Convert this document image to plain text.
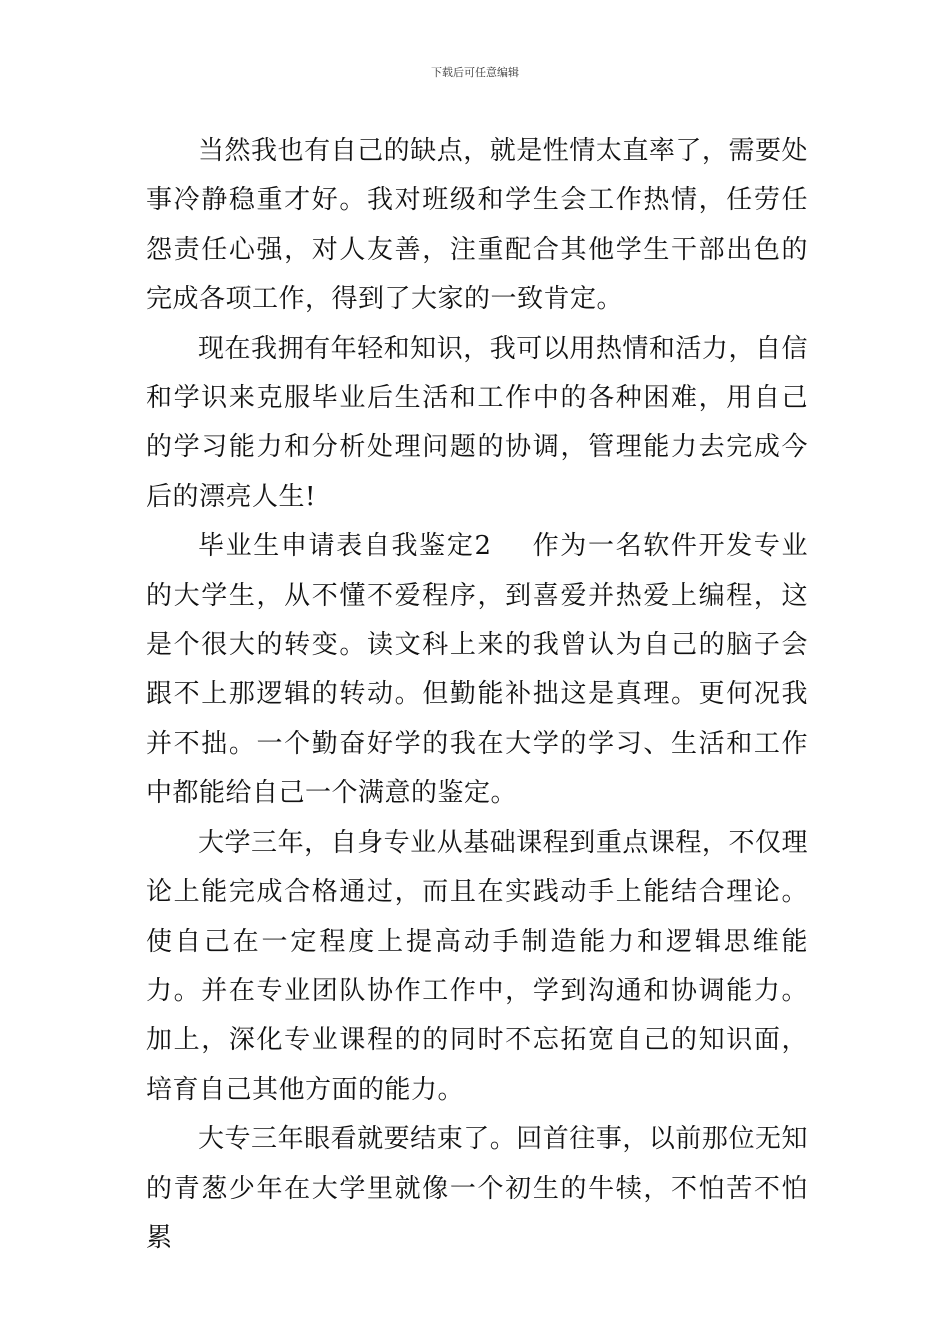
下载后可任意编辑

当然我也有自己的缺点，就是性情太直率了，需要处事冷静稳重才好。我对班级和学生会工作热情，任劳任怨责任心强，对人友善，注重配合其他学生干部出色的完成各项工作，得到了大家的一致肯定。

现在我拥有年轻和知识，我可以用热情和活力，自信和学识来克服毕业后生活和工作中的各种困难，用自己的学习能力和分析处理问题的协调，管理能力去完成今后的漂亮人生!

毕业生申请表自我鉴定2 作为一名软件开发专业的大学生，从不懂不爱程序，到喜爱并热爱上编程，这是个很大的转变。读文科上来的我曾认为自己的脑子会跟不上那逻辑的转动。但勤能补拙这是真理。更何况我并不拙。一个勤奋好学的我在大学的学习、生活和工作中都能给自己一个满意的鉴定。

大学三年，自身专业从基础课程到重点课程，不仅理论上能完成合格通过，而且在实践动手上能结合理论。使自己在一定程度上提高动手制造能力和逻辑思维能力。并在专业团队协作工作中，学到沟通和协调能力。加上，深化专业课程的的同时不忘拓宽自己的知识面，培育自己其他方面的能力。

大专三年眼看就要结束了。回首往事，以前那位无知的青葱少年在大学里就像一个初生的牛犊，不怕苦不怕累
